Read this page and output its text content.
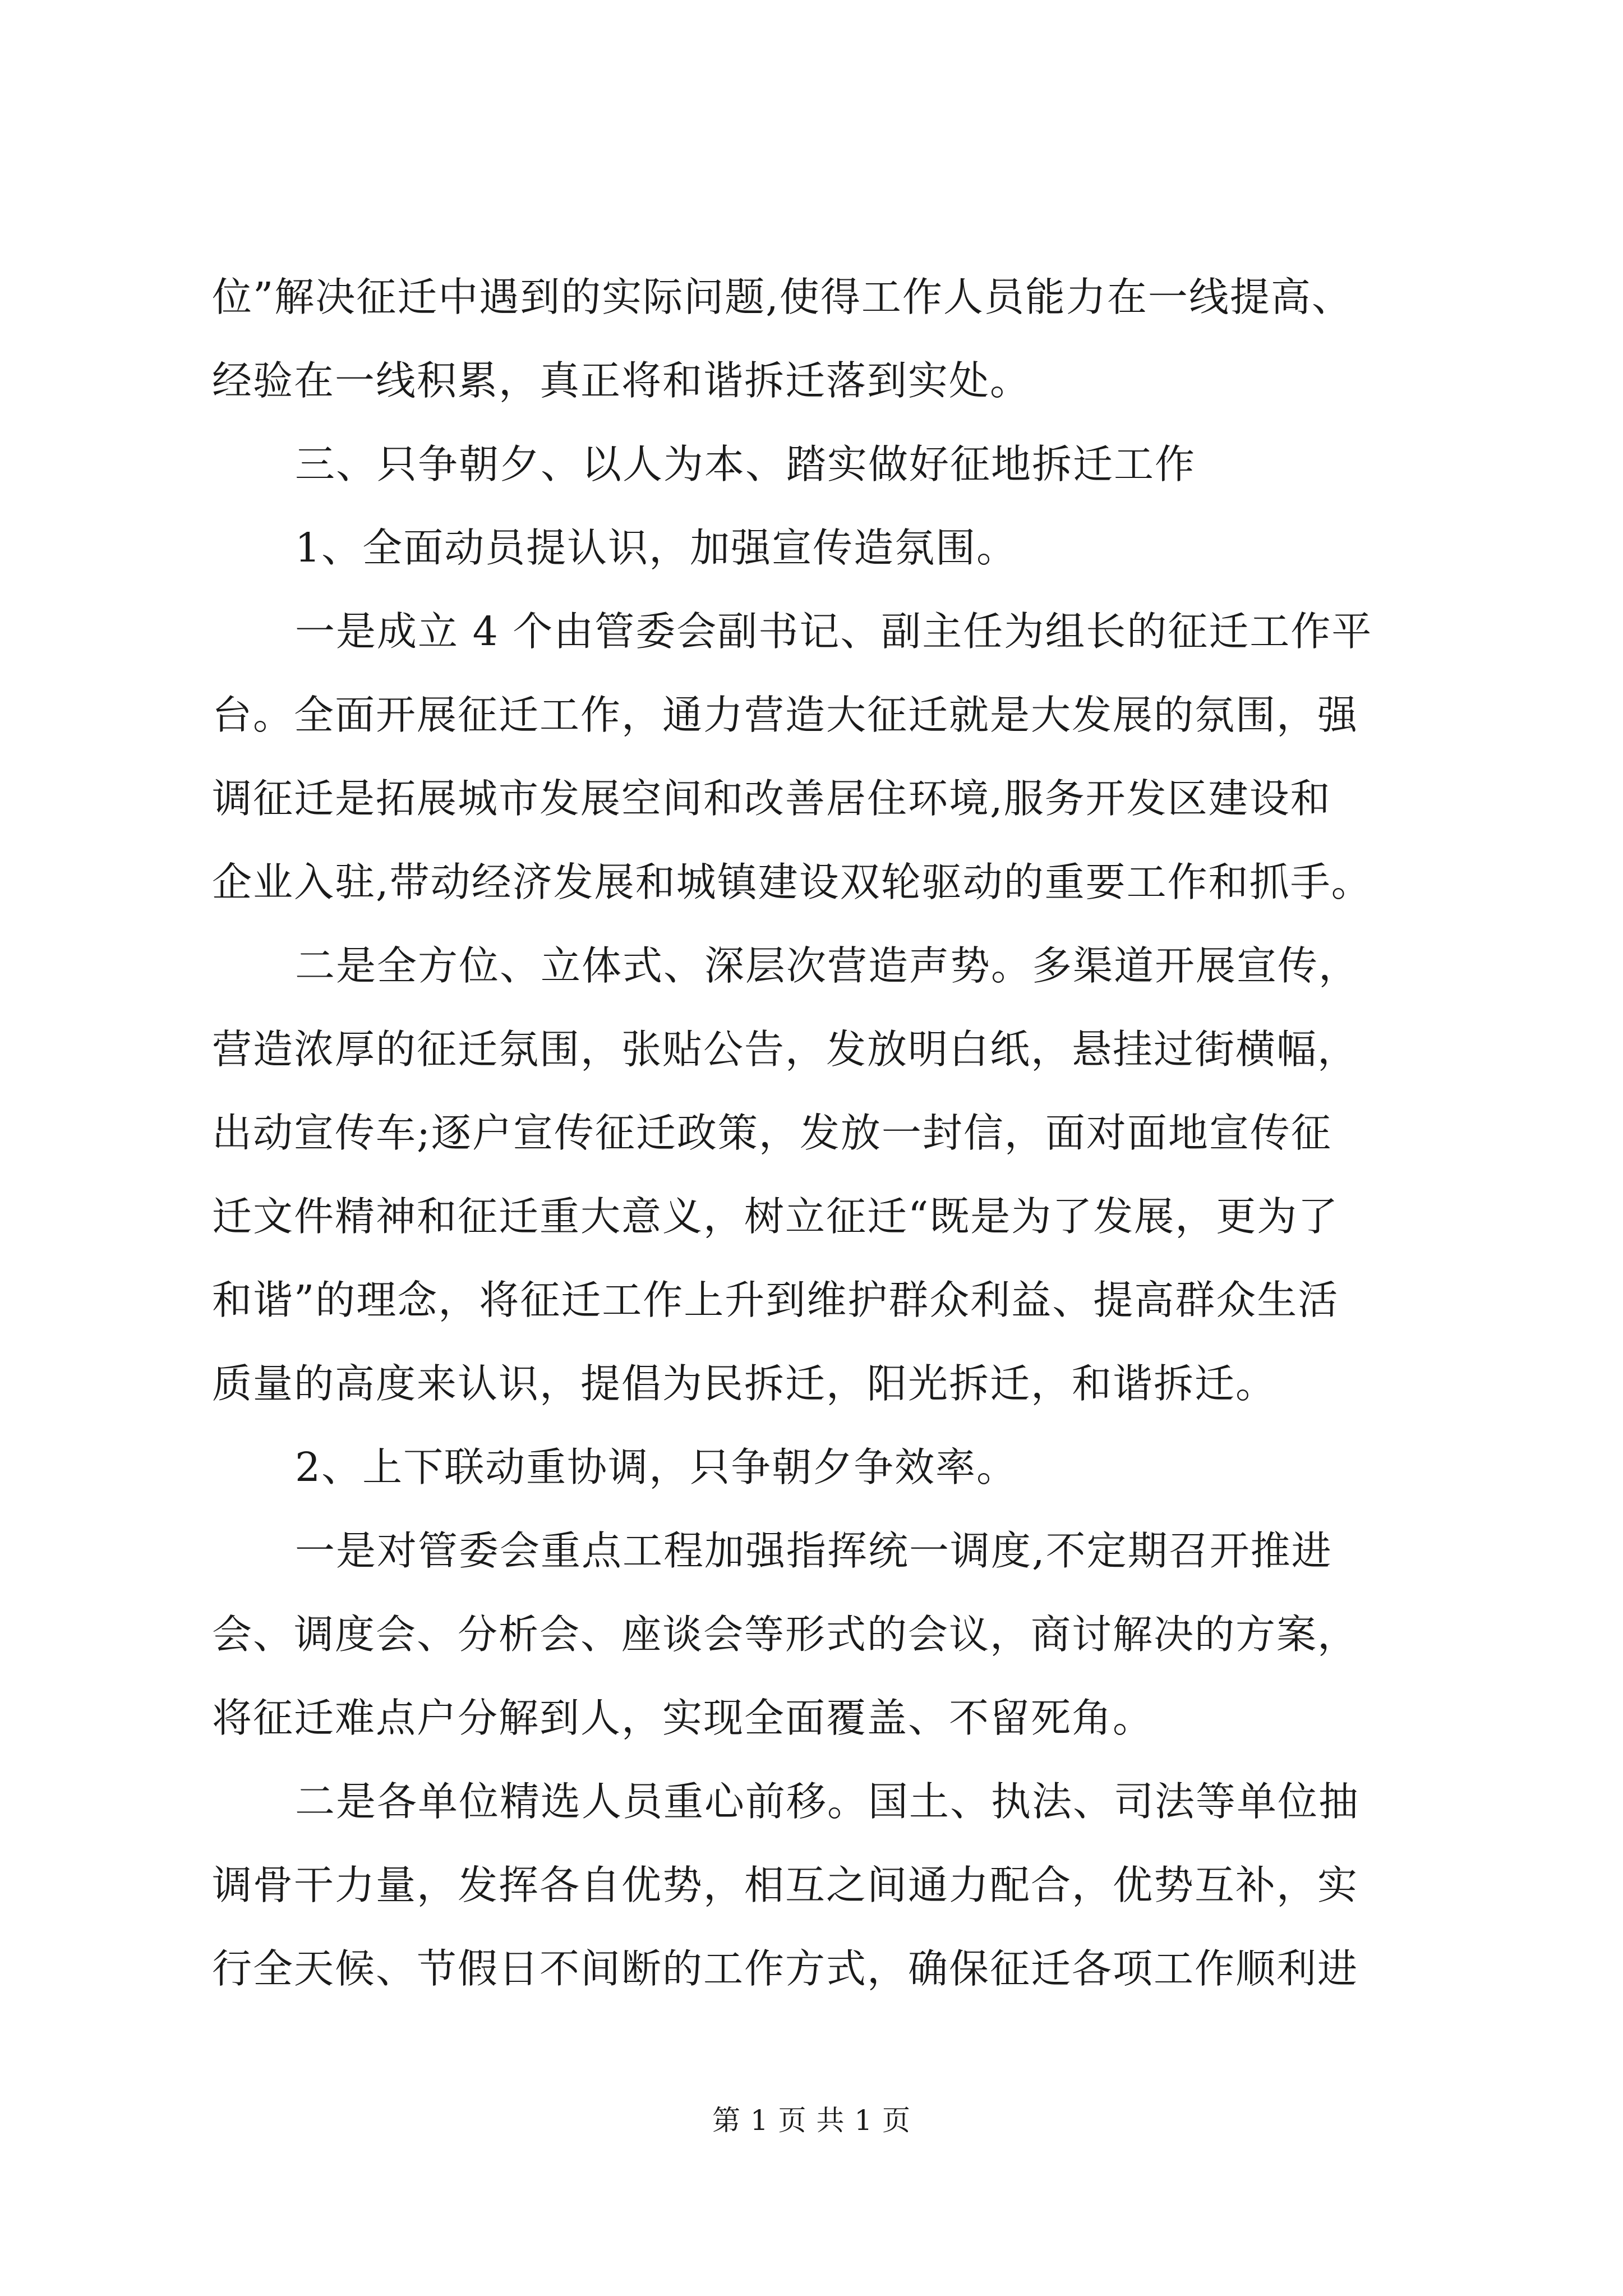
位”解决征迁中遇到的实际问题,使得工作人员能力在一线提高、
经验在一线积累，真正将和谐拆迁落到实处。
三、只争朝夕、以人为本、踏实做好征地拆迁工作
1、全面动员提认识，加强宣传造氛围。
一是成立 4 个由管委会副书记、副主任为组长的征迁工作平
台。全面开展征迁工作，通力营造大征迁就是大发展的氛围，强
调征迁是拓展城市发展空间和改善居住环境,服务开发区建设和
企业入驻,带动经济发展和城镇建设双轮驱动的重要工作和抓手。
二是全方位、立体式、深层次营造声势。多渠道开展宣传，
营造浓厚的征迁氛围，张贴公告，发放明白纸，悬挂过街横幅，
出动宣传车;逐户宣传征迁政策，发放一封信，面对面地宣传征
迁文件精神和征迁重大意义，树立征迁“既是为了发展，更为了
和谐”的理念，将征迁工作上升到维护群众利益、提高群众生活
质量的高度来认识，提倡为民拆迁，阳光拆迁，和谐拆迁。
2、上下联动重协调，只争朝夕争效率。
一是对管委会重点工程加强指挥统一调度,不定期召开推进
会、调度会、分析会、座谈会等形式的会议，商讨解决的方案，
将征迁难点户分解到人，实现全面覆盖、不留死角。
二是各单位精选人员重心前移。国土、执法、司法等单位抽
调骨干力量，发挥各自优势，相互之间通力配合，优势互补，实
行全天候、节假日不间断的工作方式，确保征迁各项工作顺利进
第 1 页 共 1 页
